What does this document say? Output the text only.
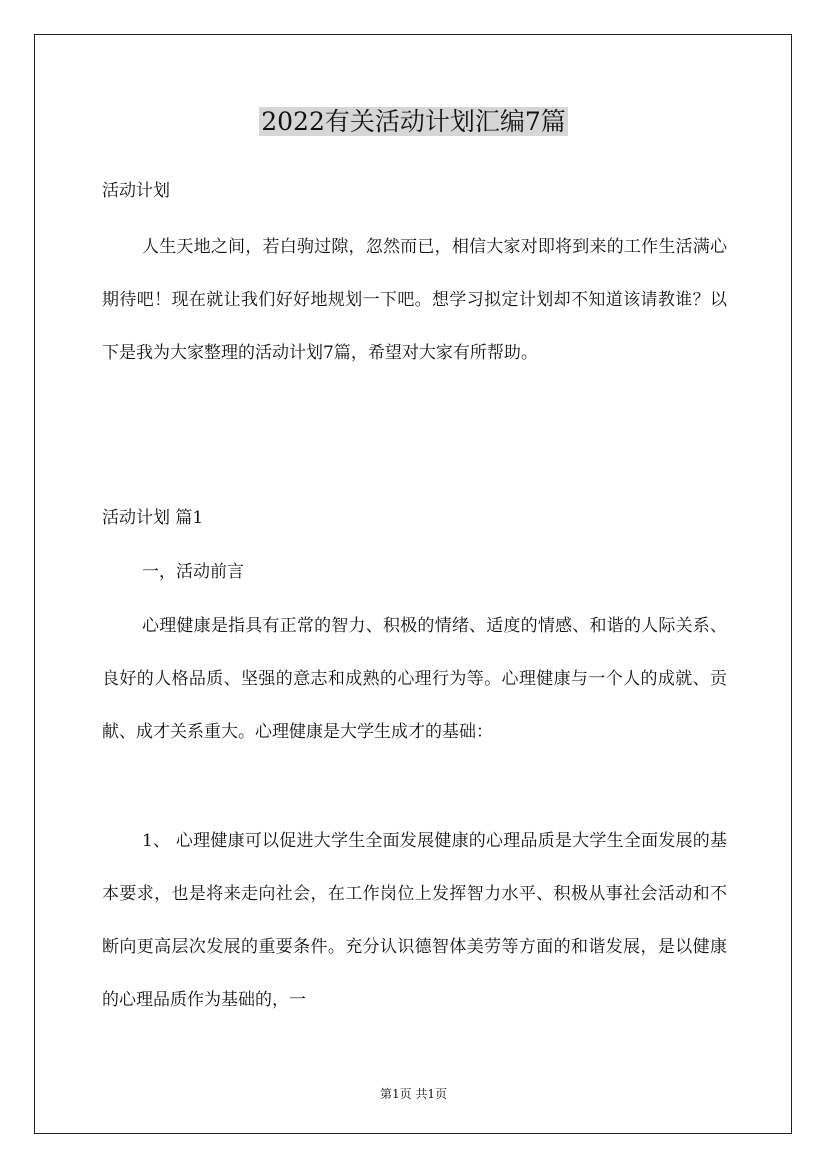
2022有关活动计划汇编7篇

活动计划

人生天地之间，若白驹过隙，忽然而已，相信大家对即将到来的工作生活满心期待吧！现在就让我们好好地规划一下吧。想学习拟定计划却不知道该请教谁？以下是我为大家整理的活动计划7篇，希望对大家有所帮助。

活动计划 篇1

一，活动前言

心理健康是指具有正常的智力、积极的情绪、适度的情感、和谐的人际关系、良好的人格品质、坚强的意志和成熟的心理行为等。心理健康与一个人的成就、贡献、成才关系重大。心理健康是大学生成才的基础：

1、 心理健康可以促进大学生全面发展健康的心理品质是大学生全面发展的基本要求，也是将来走向社会，在工作岗位上发挥智力水平、积极从事社会活动和不断向更高层次发展的重要条件。充分认识德智体美劳等方面的和谐发展，是以健康的心理品质作为基础的，一

第1页 共1页
